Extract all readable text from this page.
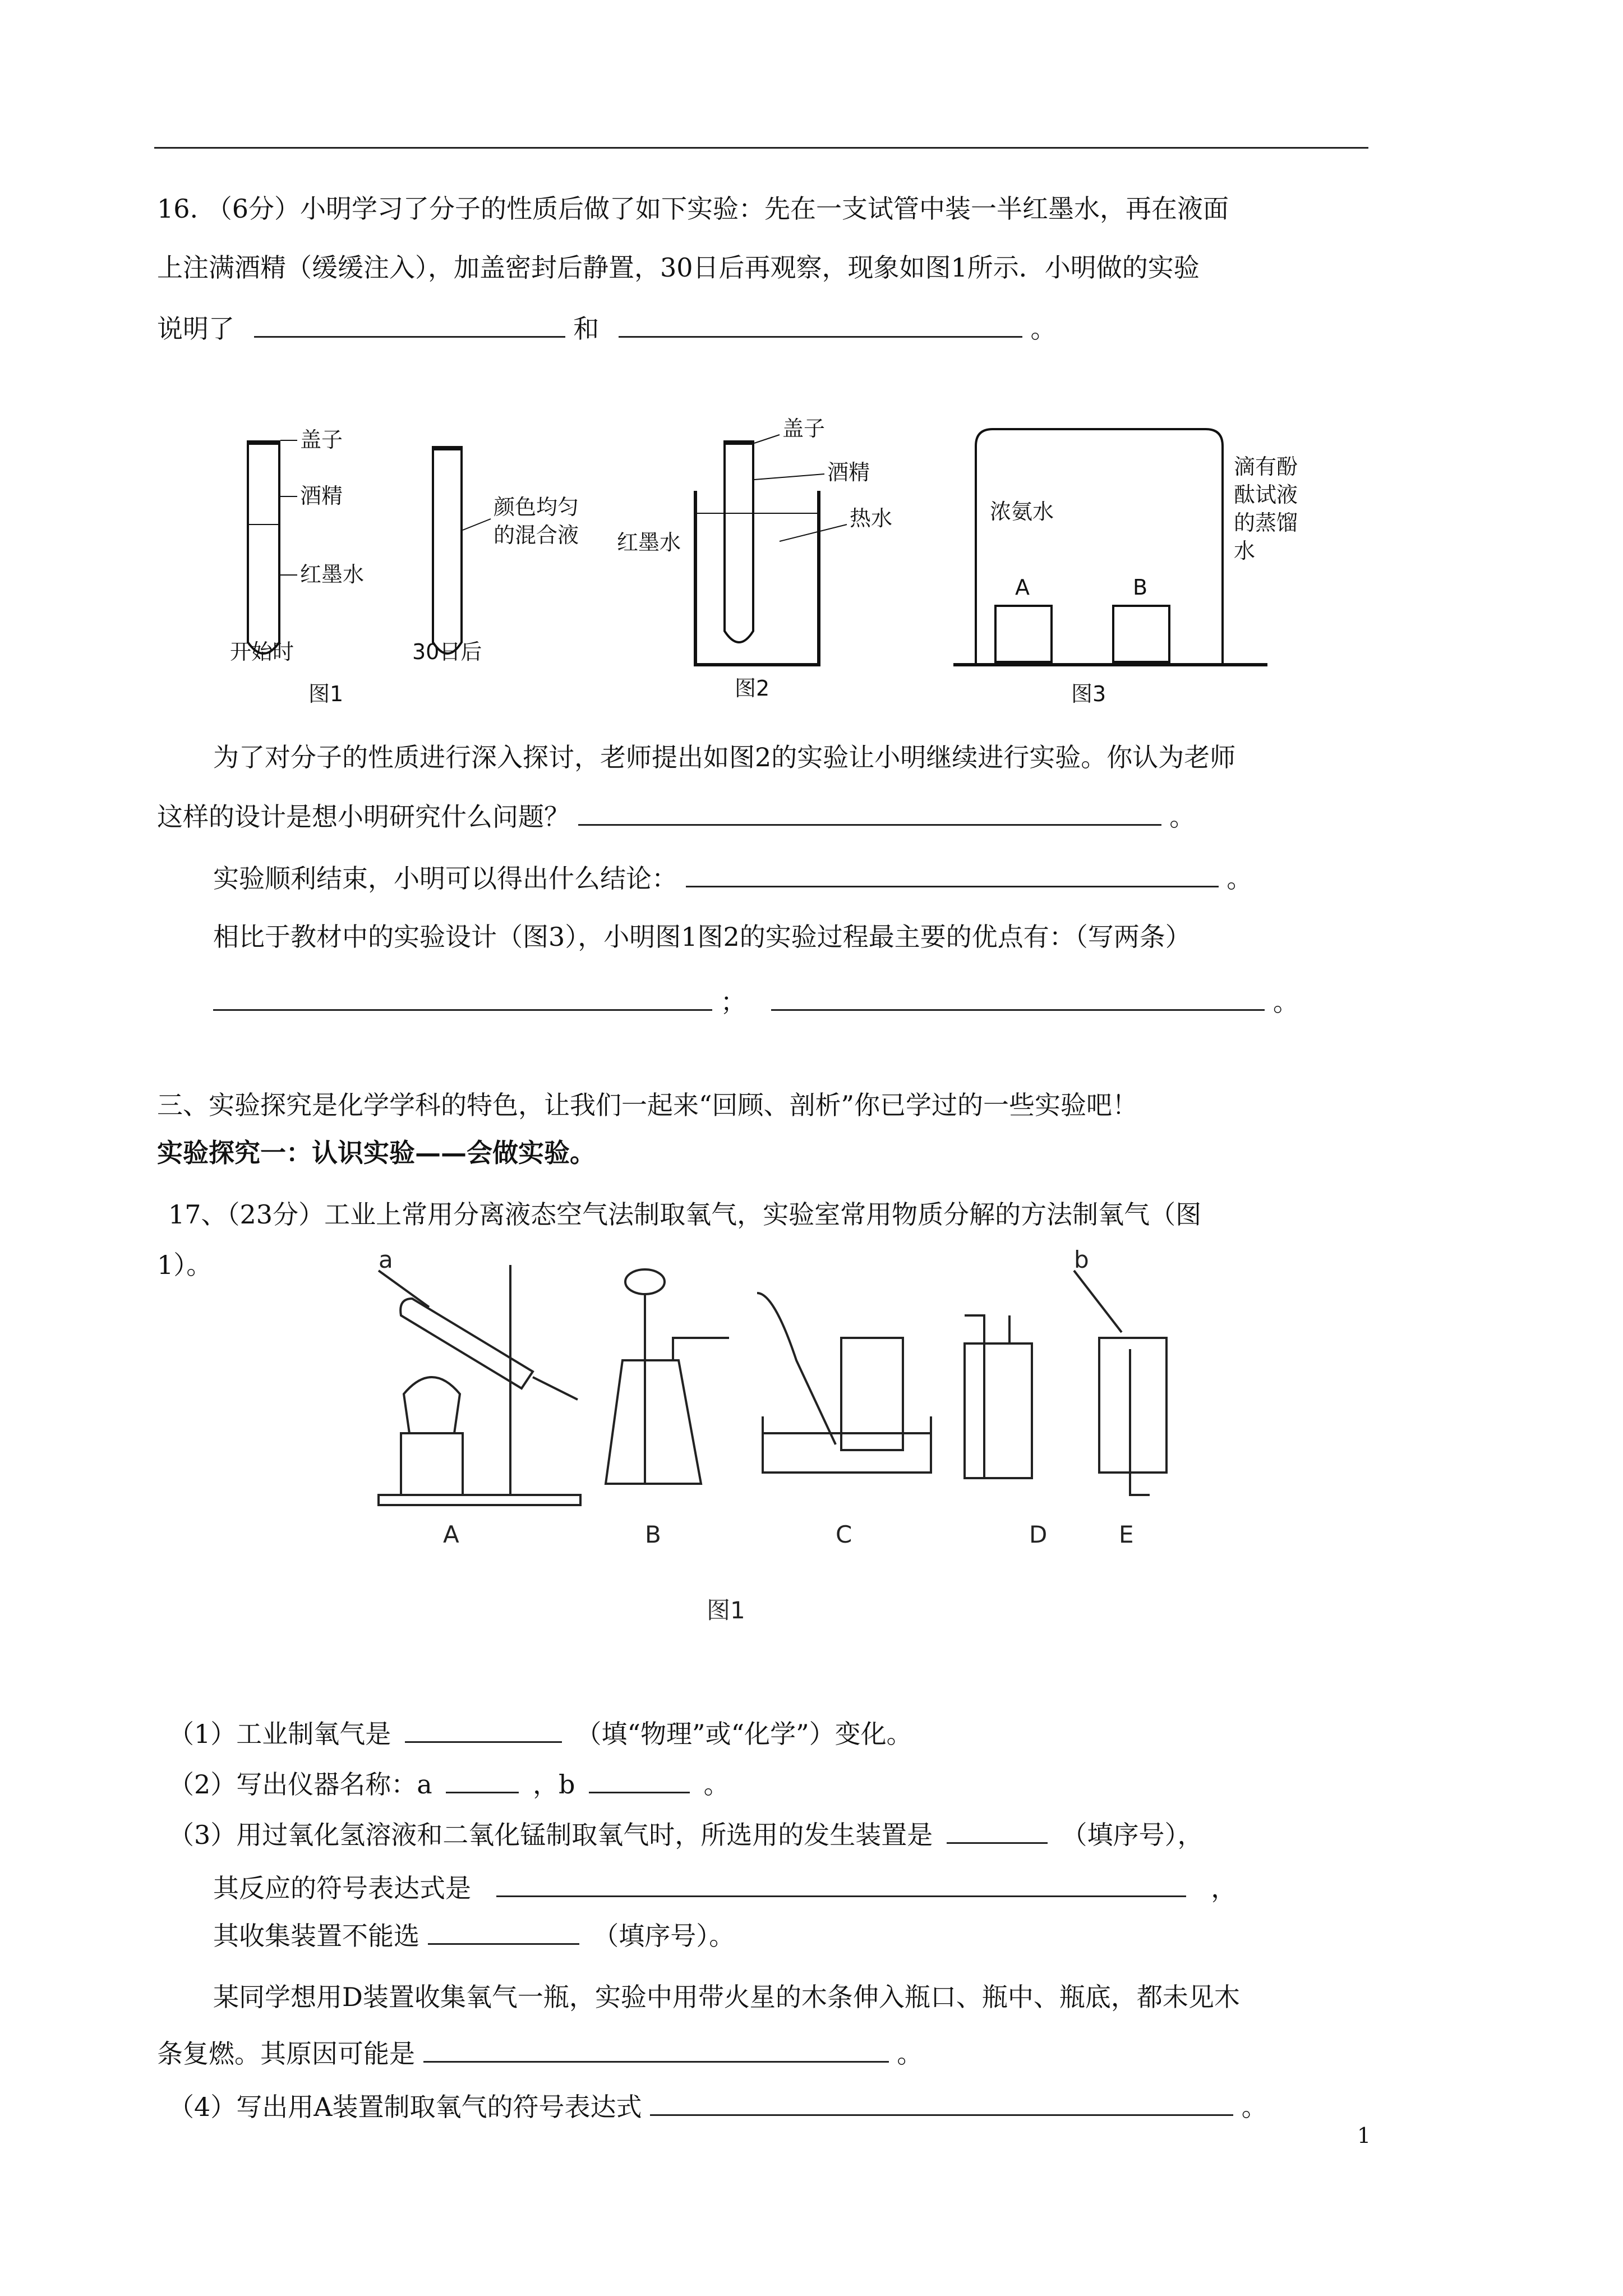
16. （6分）小明学习了分子的性质后做了如下实验：先在一支试管中装一半红墨水，再在液面
上注满酒精（缓缓注入），加盖密封后静置，30日后再观察，现象如图1所示．小明做的实验
说明了	和	。
盖子
酒精
红墨水
颜色均匀
的混合液
开始时	30日后
图1
盖子
酒精
热水
红墨水
图2
浓氨水
A	B
滴有酚
酞试液
的蒸馏
水
图3
为了对分子的性质进行深入探讨，老师提出如图2的实验让小明继续进行实验。你认为老师
这样的设计是想小明研究什么问题？	。
实验顺利结束，小明可以得出什么结论：	。
相比于教材中的实验设计（图3），小明图1图2的实验过程最主要的优点有：（写两条）
；	。
三、实验探究是化学学科的特色，让我们一起来“回顾、剖析”你已学过的一些实验吧！
实验探究一：认识实验——会做实验。
17、（23分）工业上常用分离液态空气法制取氧气，实验室常用物质分解的方法制氧气（图
1）。	a	b
A	B	C	D	E
图1
（1）工业制氧气是	（填“物理”或“化学”）变化。
（2）写出仪器名称：a	，b	。
（3）用过氧化氢溶液和二氧化锰制取氧气时，所选用的发生装置是	（填序号），
其反应的符号表达式是	，
其收集装置不能选	（填序号）。
某同学想用D装置收集氧气一瓶，实验中用带火星的木条伸入瓶口、瓶中、瓶底，都未见木
条复燃。其原因可能是	。
（4）写出用A装置制取氧气的符号表达式	。
1
